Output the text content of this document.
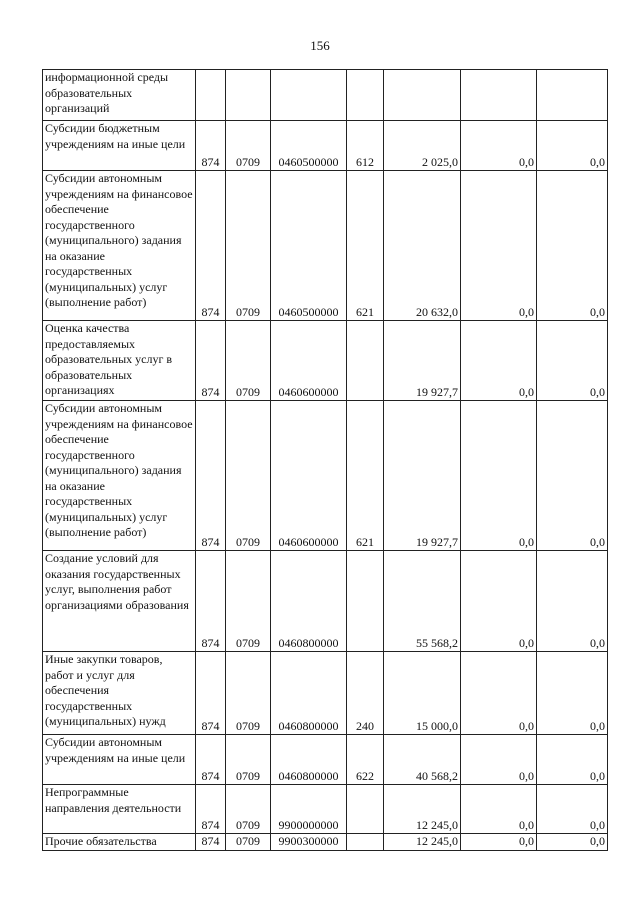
156
информационной среды образовательных организаций							
Субсидии бюджетным учреждениям на иные цели	874	0709	0460500000	612	2 025,0	0,0	0,0
Субсидии автономным учреждениям на финансовое обеспечение государственного (муниципального) задания на оказание государственных (муниципальных) услуг (выполнение работ)	874	0709	0460500000	621	20 632,0	0,0	0,0
Оценка качества предоставляемых образовательных услуг в образовательных организациях	874	0709	0460600000		19 927,7	0,0	0,0
Субсидии автономным учреждениям на финансовое обеспечение государственного (муниципального) задания на оказание государственных (муниципальных) услуг (выполнение работ)	874	0709	0460600000	621	19 927,7	0,0	0,0
Создание условий для оказания государственных услуг, выполнения работ организациями образования	874	0709	0460800000		55 568,2	0,0	0,0
Иные закупки товаров, работ и услуг для обеспечения государственных (муниципальных) нужд	874	0709	0460800000	240	15 000,0	0,0	0,0
Субсидии автономным учреждениям на иные цели	874	0709	0460800000	622	40 568,2	0,0	0,0
Непрограммные направления деятельности	874	0709	9900000000		12 245,0	0,0	0,0
Прочие обязательства	874	0709	9900300000		12 245,0	0,0	0,0
